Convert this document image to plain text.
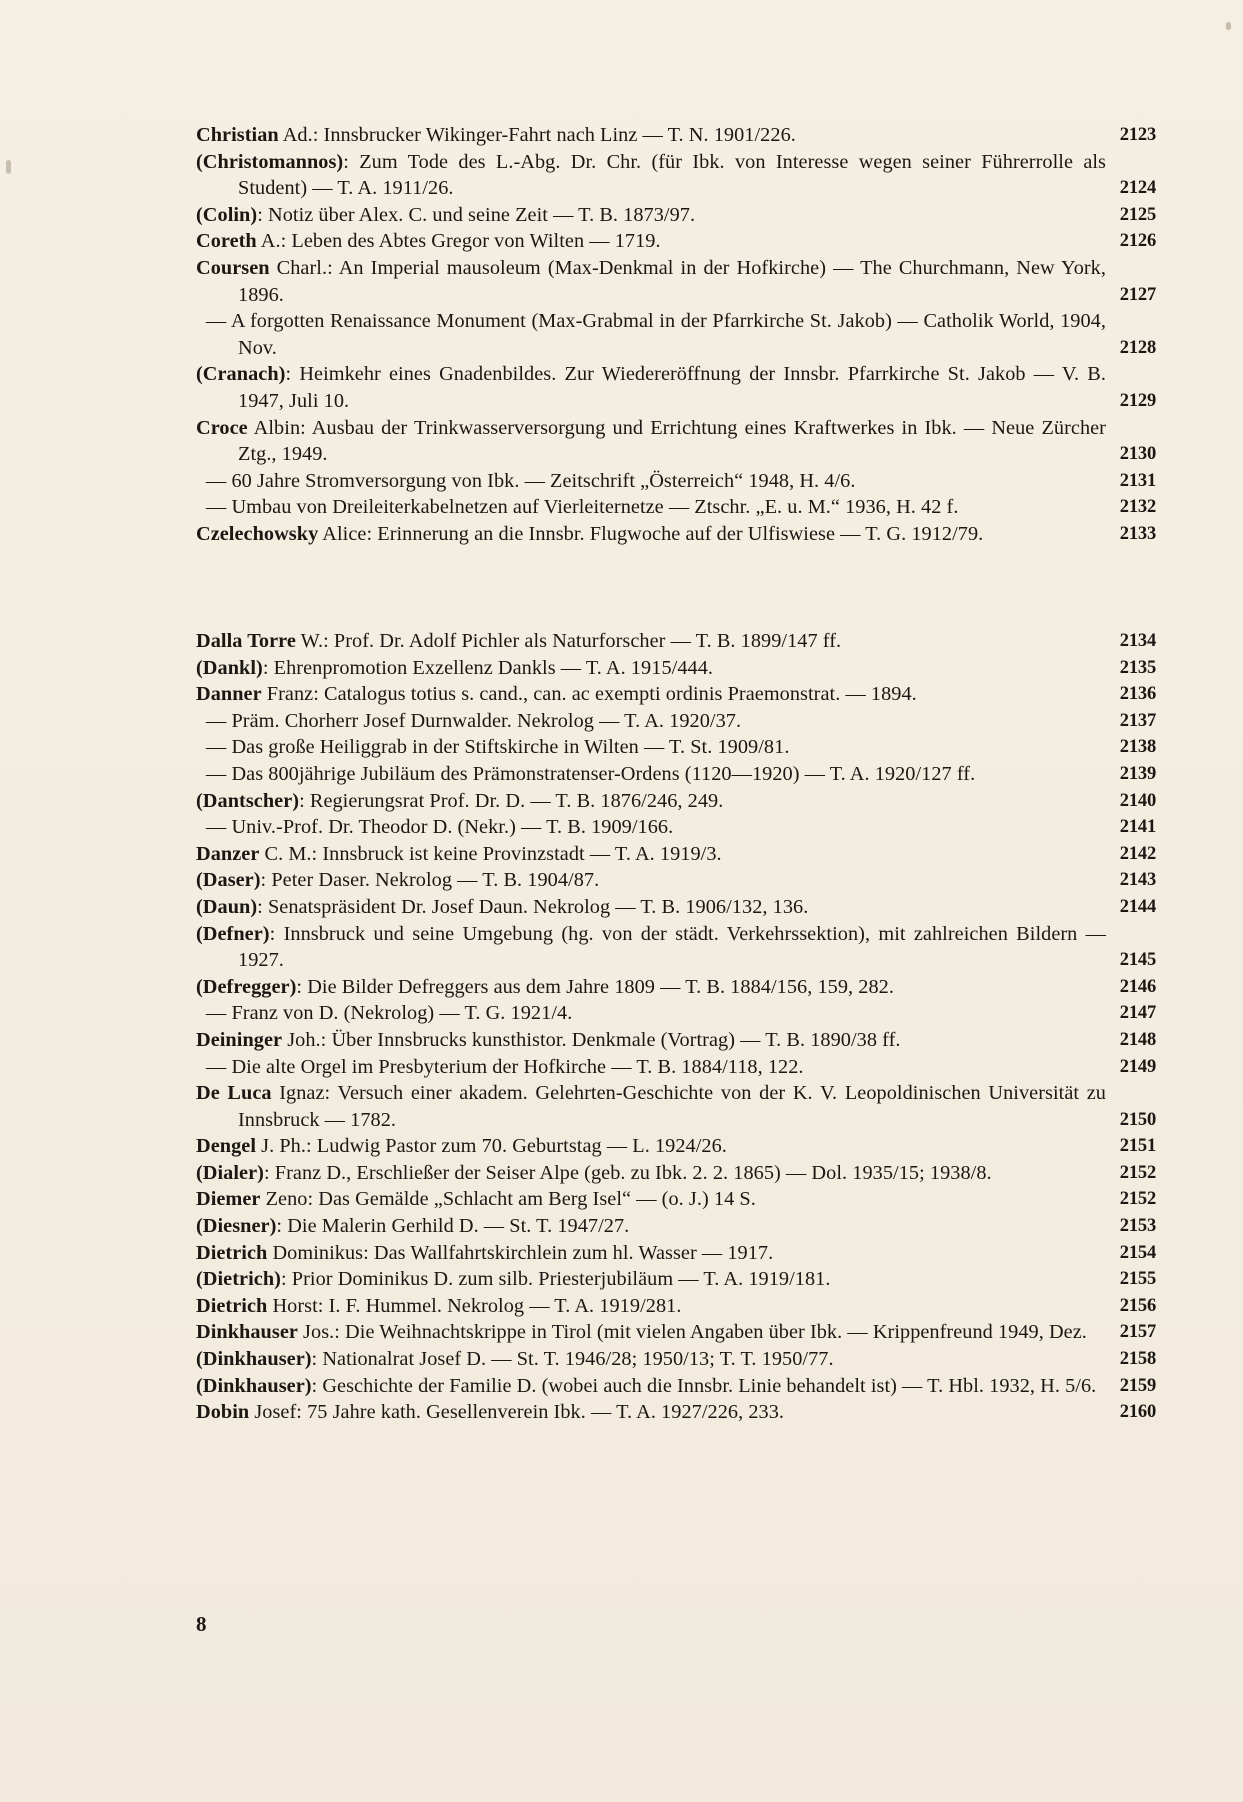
Christian Ad.: Innsbrucker Wikinger-Fahrt nach Linz — T. N. 1901/226.	2123
(Christomannos): Zum Tode des L.-Abg. Dr. Chr. (für Ibk. von Interesse wegen seiner Führerrolle als Student) — T. A. 1911/26.	2124
(Colin): Notiz über Alex. C. und seine Zeit — T. B. 1873/97.	2125
Coreth A.: Leben des Abtes Gregor von Wilten — 1719.	2126
Coursen Charl.: An Imperial mausoleum (Max-Denkmal in der Hofkirche) — The Churchmann, New York, 1896.	2127
— A forgotten Renaissance Monument (Max-Grabmal in der Pfarrkirche St. Jakob) — Catholik World, 1904, Nov.	2128
(Cranach): Heimkehr eines Gnadenbildes. Zur Wiedereröffnung der Innsbr. Pfarrkirche St. Jakob — V. B. 1947, Juli 10.	2129
Croce Albin: Ausbau der Trinkwasserversorgung und Errichtung eines Kraftwerkes in Ibk. — Neue Zürcher Ztg., 1949.	2130
— 60 Jahre Stromversorgung von Ibk. — Zeitschrift „Österreich“ 1948, H. 4/6.	2131
— Umbau von Dreileiterkabelnetzen auf Vierleiternetze — Ztschr. „E. u. M.“ 1936, H. 42 f.	2132
Czelechowsky Alice: Erinnerung an die Innsbr. Flugwoche auf der Ulfiswiese — T. G. 1912/79.	2133
Dalla Torre W.: Prof. Dr. Adolf Pichler als Naturforscher — T. B. 1899/147 ff.	2134
(Dankl): Ehrenpromotion Exzellenz Dankls — T. A. 1915/444.	2135
Danner Franz: Catalogus totius s. cand., can. ac exempti ordinis Praemonstrat. — 1894.	2136
— Präm. Chorherr Josef Durnwalder. Nekrolog — T. A. 1920/37.	2137
— Das große Heiliggrab in der Stiftskirche in Wilten — T. St. 1909/81.	2138
— Das 800jährige Jubiläum des Prämonstratenser-Ordens (1120—1920) — T. A. 1920/127 ff.	2139
(Dantscher): Regierungsrat Prof. Dr. D. — T. B. 1876/246, 249.	2140
— Univ.-Prof. Dr. Theodor D. (Nekr.) — T. B. 1909/166.	2141
Danzer C. M.: Innsbruck ist keine Provinzstadt — T. A. 1919/3.	2142
(Daser): Peter Daser. Nekrolog — T. B. 1904/87.	2143
(Daun): Senatspräsident Dr. Josef Daun. Nekrolog — T. B. 1906/132, 136.	2144
(Defner): Innsbruck und seine Umgebung (hg. von der städt. Verkehrssektion), mit zahlreichen Bildern — 1927.	2145
(Defregger): Die Bilder Defreggers aus dem Jahre 1809 — T. B. 1884/156, 159, 282.	2146
— Franz von D. (Nekrolog) — T. G. 1921/4.	2147
Deininger Joh.: Über Innsbrucks kunsthistor. Denkmale (Vortrag) — T. B. 1890/38 ff.	2148
— Die alte Orgel im Presbyterium der Hofkirche — T. B. 1884/118, 122.	2149
De Luca Ignaz: Versuch einer akadem. Gelehrten-Geschichte von der K. V. Leopoldinischen Universität zu Innsbruck — 1782.	2150
Dengel J. Ph.: Ludwig Pastor zum 70. Geburtstag — L. 1924/26.	2151
(Dialer): Franz D., Erschließer der Seiser Alpe (geb. zu Ibk. 2. 2. 1865) — Dol. 1935/15; 1938/8.	2152
Diemer Zeno: Das Gemälde „Schlacht am Berg Isel“ — (o. J.) 14 S.	2152
(Diesner): Die Malerin Gerhild D. — St. T. 1947/27.	2153
Dietrich Dominikus: Das Wallfahrtskirchlein zum hl. Wasser — 1917.	2154
(Dietrich): Prior Dominikus D. zum silb. Priesterjubiläum — T. A. 1919/181.	2155
Dietrich Horst: I. F. Hummel. Nekrolog — T. A. 1919/281.	2156
Dinkhauser Jos.: Die Weihnachtskrippe in Tirol (mit vielen Angaben über Ibk. — Krippenfreund 1949, Dez. 2157
(Dinkhauser): Nationalrat Josef D. — St. T. 1946/28; 1950/13; T. T. 1950/77.	2158
(Dinkhauser): Geschichte der Familie D. (wobei auch die Innsbr. Linie behandelt ist) — T. Hbl. 1932, H. 5/6. 2159
Dobin Josef: 75 Jahre kath. Gesellenverein Ibk. — T. A. 1927/226, 233.	2160
8
